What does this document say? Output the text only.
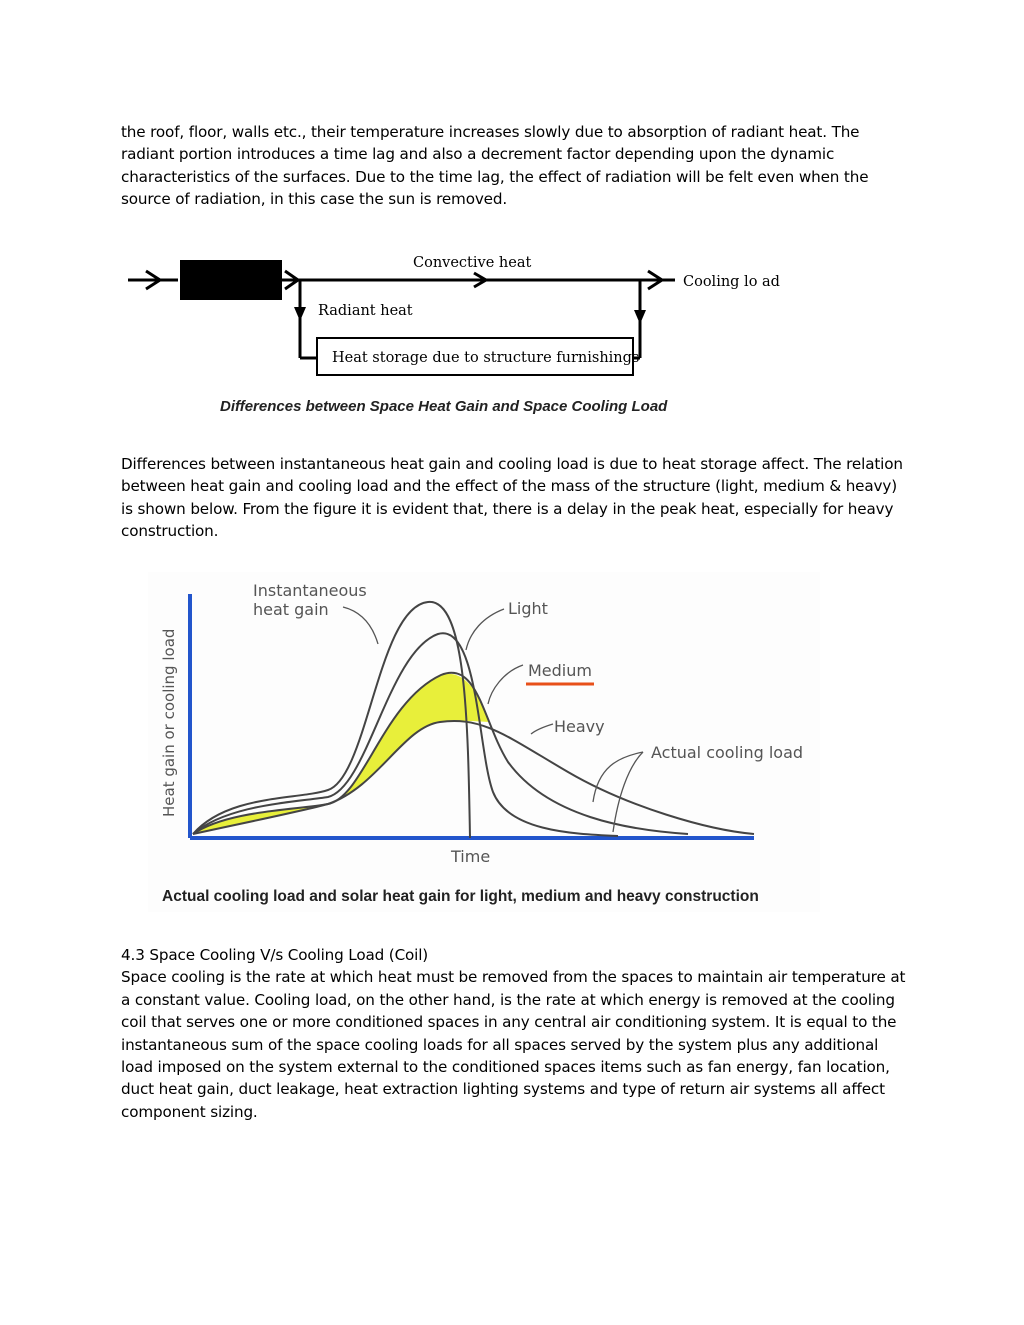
the roof, floor, walls etc., their temperature increases slowly due to absorption of radiant heat. The radiant portion introduces a time lag and also a decrement factor depending upon the dynamic characteristics of the surfaces. Due to the time lag, the effect of radiation will be felt even when the source of radiation, in this case the sun is removed.

Convective heat
Cooling lo ad
Radiant heat
Heat storage due to structure furnishings
Differences between Space Heat Gain and Space Cooling Load

Differences between instantaneous heat gain and cooling load is due to heat storage affect. The relation between heat gain and cooling load and the effect of the mass of the structure (light, medium & heavy) is shown below. From the figure it is evident that, there is a delay in the peak heat, especially for heavy construction.

Instantaneous
heat gain	Light
Medium
Heavy
Actual cooling load
Time
Heat gain or cooling load
Actual cooling load and solar heat gain for light, medium and heavy construction
4.3 Space Cooling V/s Cooling Load (Coil)
Space cooling is the rate at which heat must be removed from the spaces to maintain air temperature at a constant value. Cooling load, on the other hand, is the rate at which energy is removed at the cooling coil that serves one or more conditioned spaces in any central air conditioning system. It is equal to the instantaneous sum of the space cooling loads for all spaces served by the system plus any additional load imposed on the system external to the conditioned spaces items such as fan energy, fan location, duct heat gain, duct leakage, heat extraction lighting systems and type of return air systems all affect component sizing.
